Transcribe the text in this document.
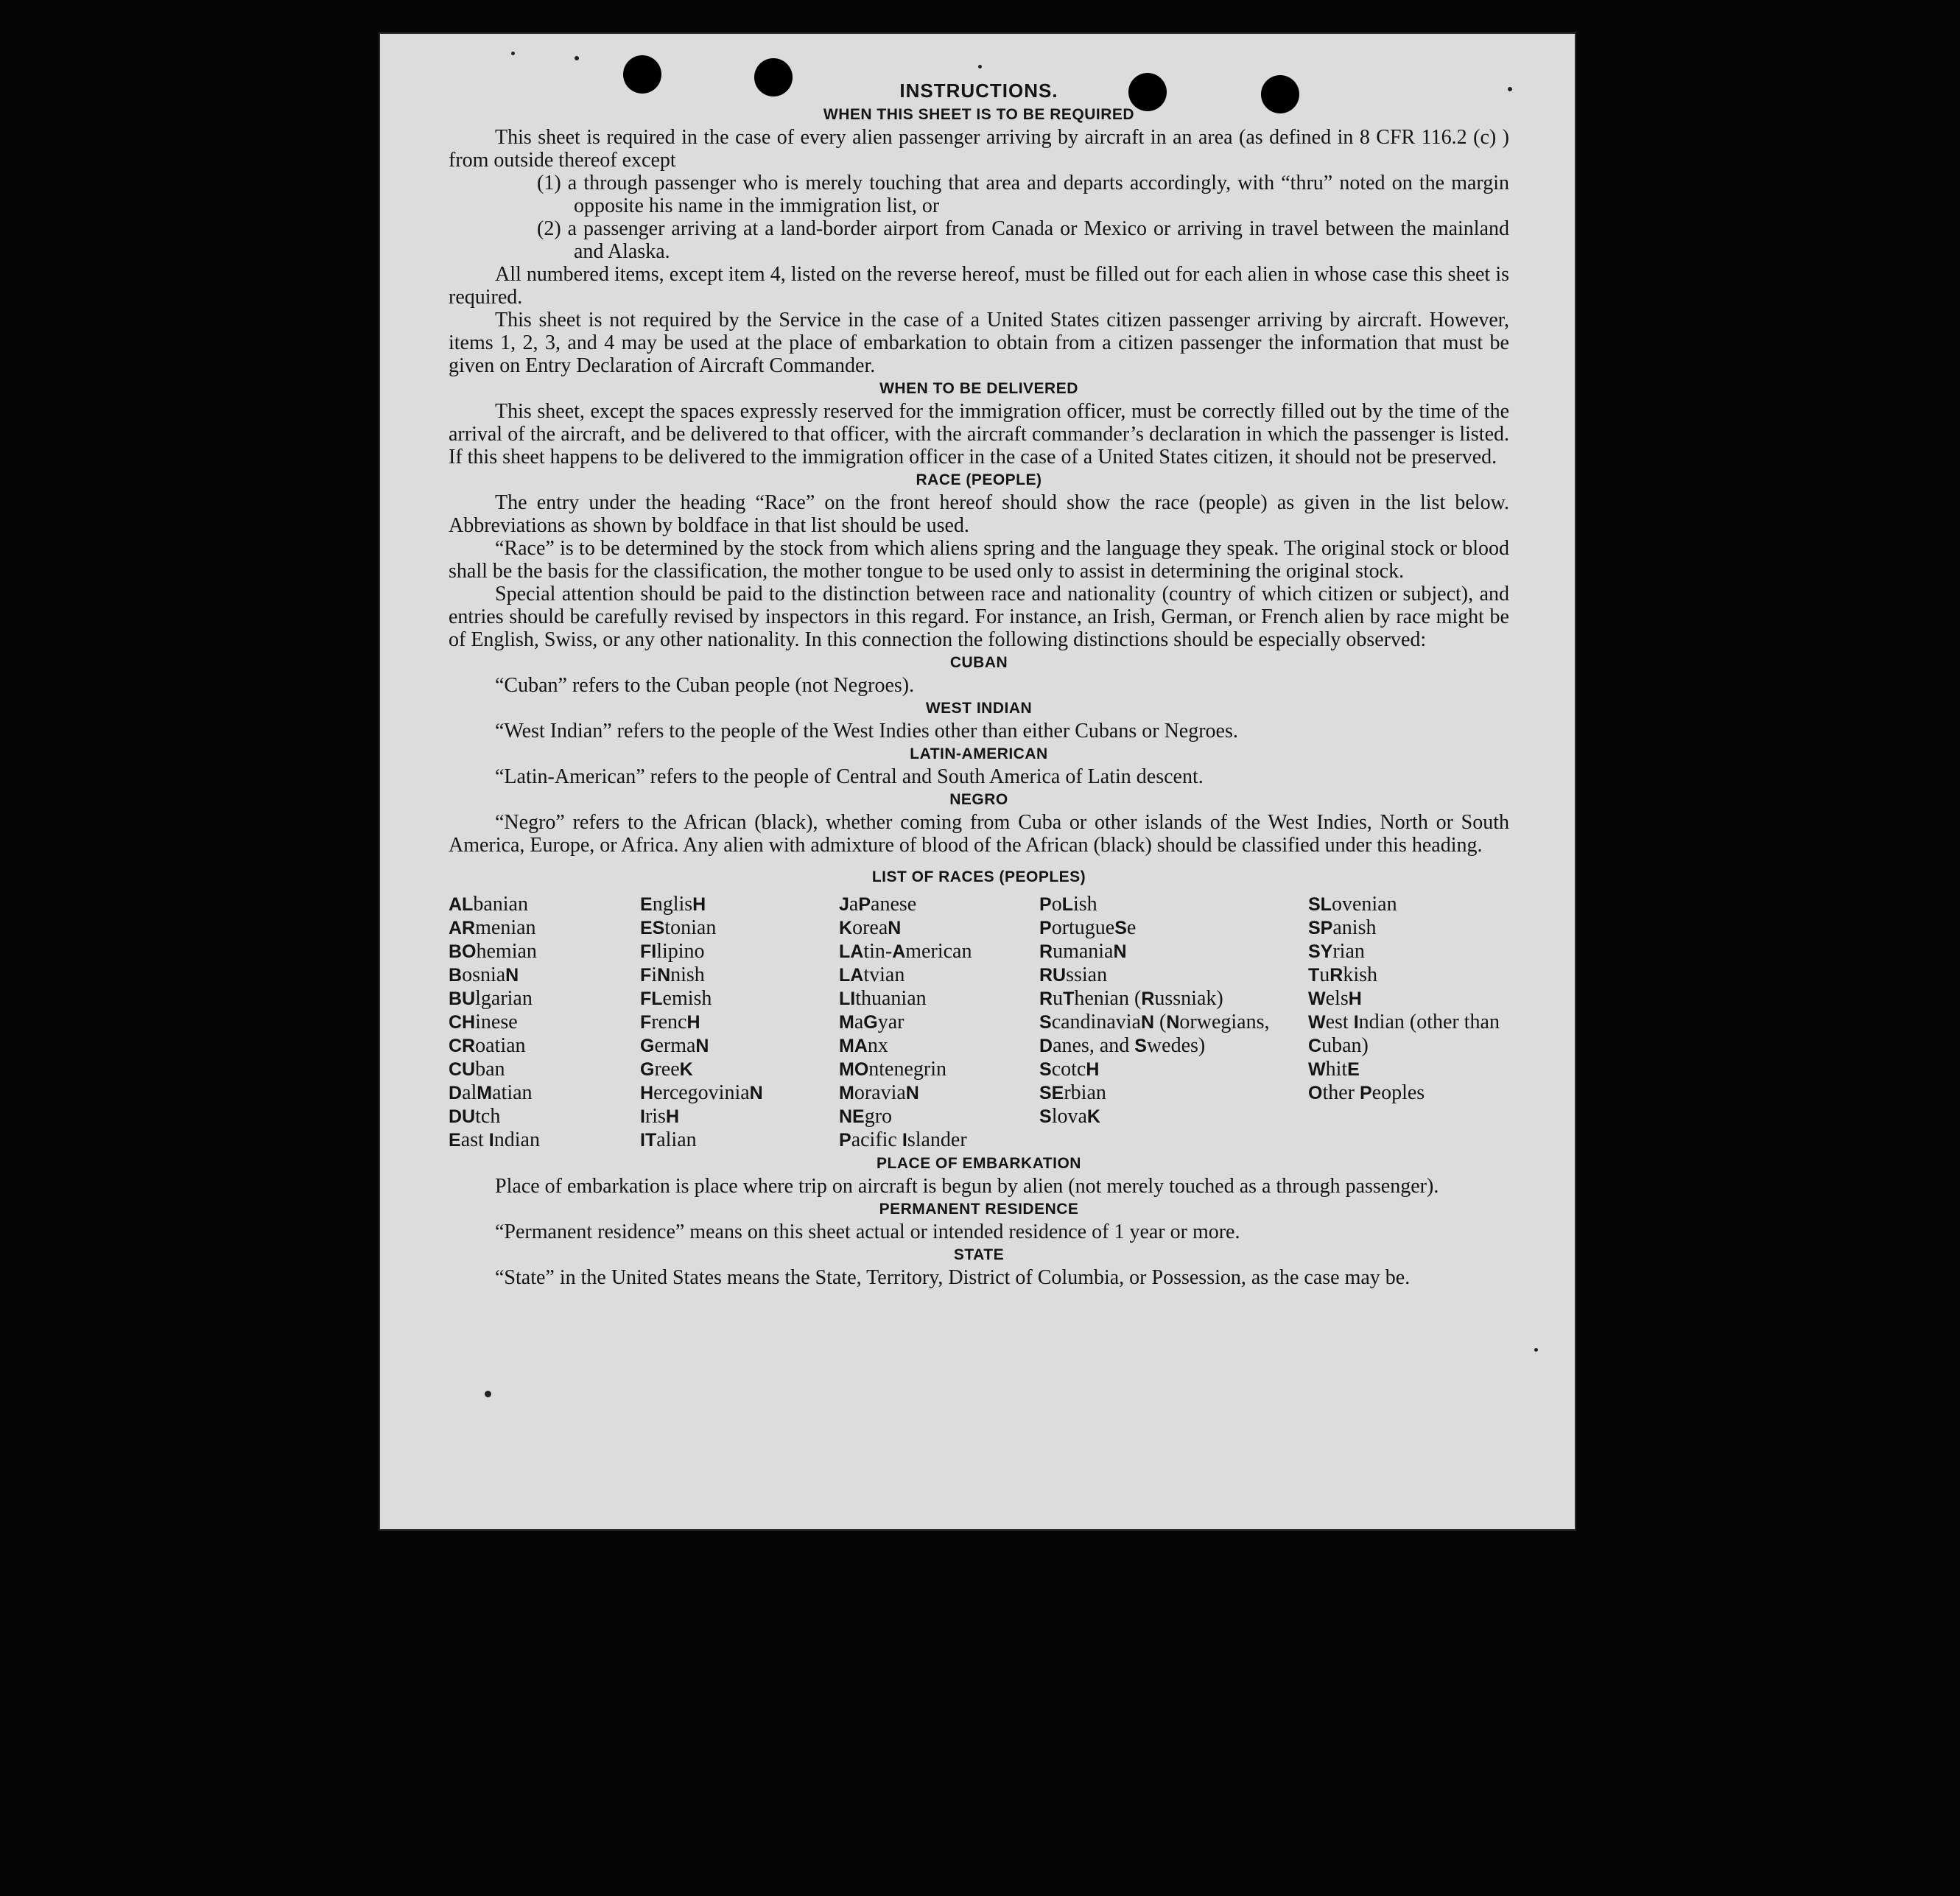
INSTRUCTIONS.
WHEN THIS SHEET IS TO BE REQUIRED

This sheet is required in the case of every alien passenger arriving by aircraft in an area (as defined in 8 CFR 116.2 (c) ) from outside thereof except

(1) a through passenger who is merely touching that area and departs accordingly, with “thru” noted on the margin opposite his name in the immigration list, or
(2) a passenger arriving at a land-border airport from Canada or Mexico or arriving in travel between the mainland and Alaska.

All numbered items, except item 4, listed on the reverse hereof, must be filled out for each alien in whose case this sheet is required.

This sheet is not required by the Service in the case of a United States citizen passenger arriving by aircraft. However, items 1, 2, 3, and 4 may be used at the place of embarkation to obtain from a citizen passenger the information that must be given on Entry Declaration of Aircraft Commander.

WHEN TO BE DELIVERED

This sheet, except the spaces expressly reserved for the immigration officer, must be correctly filled out by the time of the arrival of the aircraft, and be delivered to that officer, with the aircraft commander’s declaration in which the passenger is listed. If this sheet happens to be delivered to the immigration officer in the case of a United States citizen, it should not be preserved.

RACE (PEOPLE)

The entry under the heading “Race” on the front hereof should show the race (people) as given in the list below. Abbreviations as shown by boldface in that list should be used.

“Race” is to be determined by the stock from which aliens spring and the language they speak. The original stock or blood shall be the basis for the classification, the mother tongue to be used only to assist in determining the original stock.

Special attention should be paid to the distinction between race and nationality (country of which citizen or subject), and entries should be carefully revised by inspectors in this regard. For instance, an Irish, German, or French alien by race might be of English, Swiss, or any other nationality. In this connection the following distinctions should be especially observed:

CUBAN

“Cuban” refers to the Cuban people (not Negroes).

WEST INDIAN

“West Indian” refers to the people of the West Indies other than either Cubans or Negroes.

LATIN-AMERICAN

“Latin-American” refers to the people of Central and South America of Latin descent.

NEGRO

“Negro” refers to the African (black), whether coming from Cuba or other islands of the West Indies, North or South America, Europe, or Africa. Any alien with admixture of blood of the African (black) should be classified under this heading.

LIST OF RACES (PEOPLES)
ALbanian
ARmenian
BOhemian
BosniaN
BUlgarian
CHinese
CRoatian
CUban
DalMatian
DUtch
East Indian
EnglisH
EStonian
FIlipino
FiNnish
FLemish
FrencH
GermaN
GreeK
HercegoviniaN
IrisH
ITalian
JaPanese
KoreaN
LAtin-American
LAtvian
LIthuanian
MaGyar
MAnx
MOntenegrin
MoraviaN
NEgro
Pacific Islander
PoLish
PortugueSe
RumaniaN
RUssian
RuThenian (Russniak)
ScandinaviaN (Norwegians, Danes, and Swedes)
ScotcH
SErbian
SlovaK
SLovenian
SPanish
SYrian
TuRkish
WelsH
West Indian (other than Cuban)
WhitE
Other Peoples
PLACE OF EMBARKATION

Place of embarkation is place where trip on aircraft is begun by alien (not merely touched as a through passenger).

PERMANENT RESIDENCE

“Permanent residence” means on this sheet actual or intended residence of 1 year or more.

STATE

“State” in the United States means the State, Territory, District of Columbia, or Possession, as the case may be.
